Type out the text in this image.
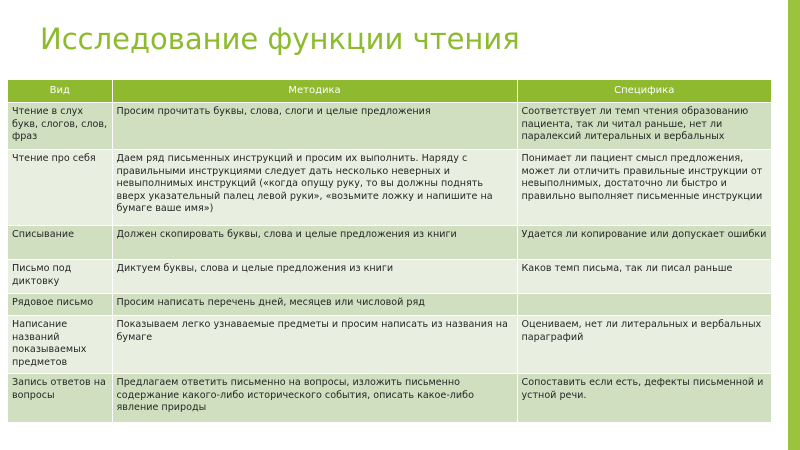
Исследование функции чтения
Вид	Методика	Специфика
Чтение в слух букв, слогов, слов, фраз	Просим прочитать буквы, слова, слоги и целые предложения	Соответствует ли темп чтения образованию пациента, так ли читал раньше, нет ли паралексий литеральных и вербальных
Чтение про себя	Даем ряд письменных инструкций и просим их выполнить. Наряду с правильными инструкциями следует дать несколько неверных и невыполнимых инструкций («когда опущу руку, то вы должны поднять вверх указательный палец левой руки», «возьмите ложку и напишите на бумаге ваше имя»)	Понимает ли пациент смысл предложения, может ли отличить правильные инструкции от невыполнимых, достаточно ли быстро и правильно выполняет письменные инструкции
Списывание	Должен скопировать буквы, слова и целые предложения из книги	Удается ли копирование или допускает ошибки
Письмо под диктовку	Диктуем буквы, слова и целые предложения из книги	Каков темп письма, так ли писал раньше
Рядовое письмо	Просим написать перечень дней, месяцев или числовой ряд	
Написание названий показываемых предметов	Показываем легко узнаваемые предметы и просим написать из названия на бумаге	Оцениваем, нет ли литеральных и вербальных параграфий
Запись ответов на вопросы	Предлагаем ответить письменно на вопросы, изложить письменно содержание какого-либо исторического события, описать какое-либо явление природы	Сопоставить если есть, дефекты письменной и устной речи.
